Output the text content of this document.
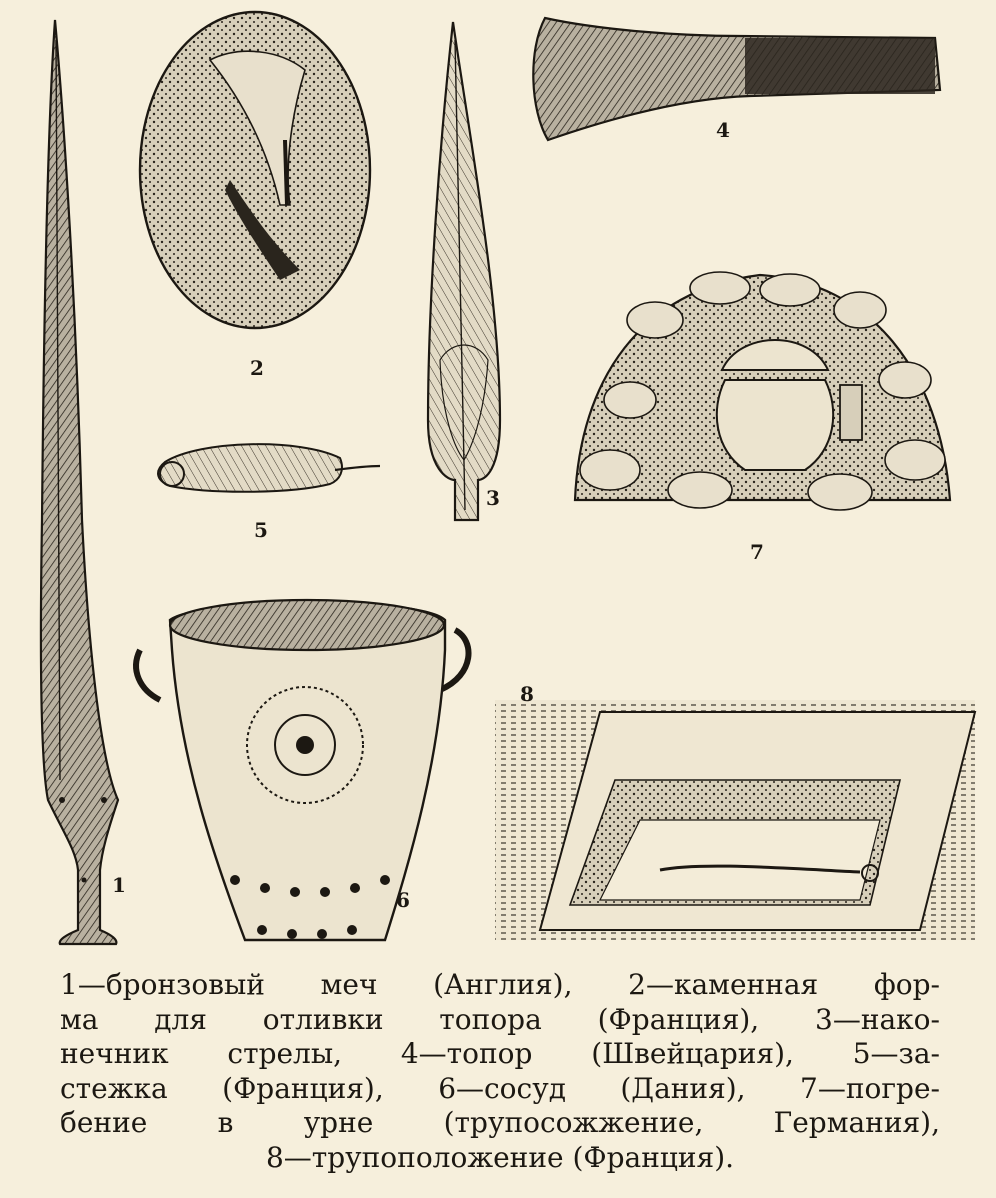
1
2
3
4
5
6
7
8
1—бронзовый меч (Англия), 2—каменная фор-
ма для отливки топора (Франция), 3—нако-
нечник стрелы, 4—топор (Швейцария), 5—за-
стежка (Франция), 6—сосуд (Дания), 7—погре-
бение в урне (трупосожжение, Германия),
8—трупоположение (Франция).
